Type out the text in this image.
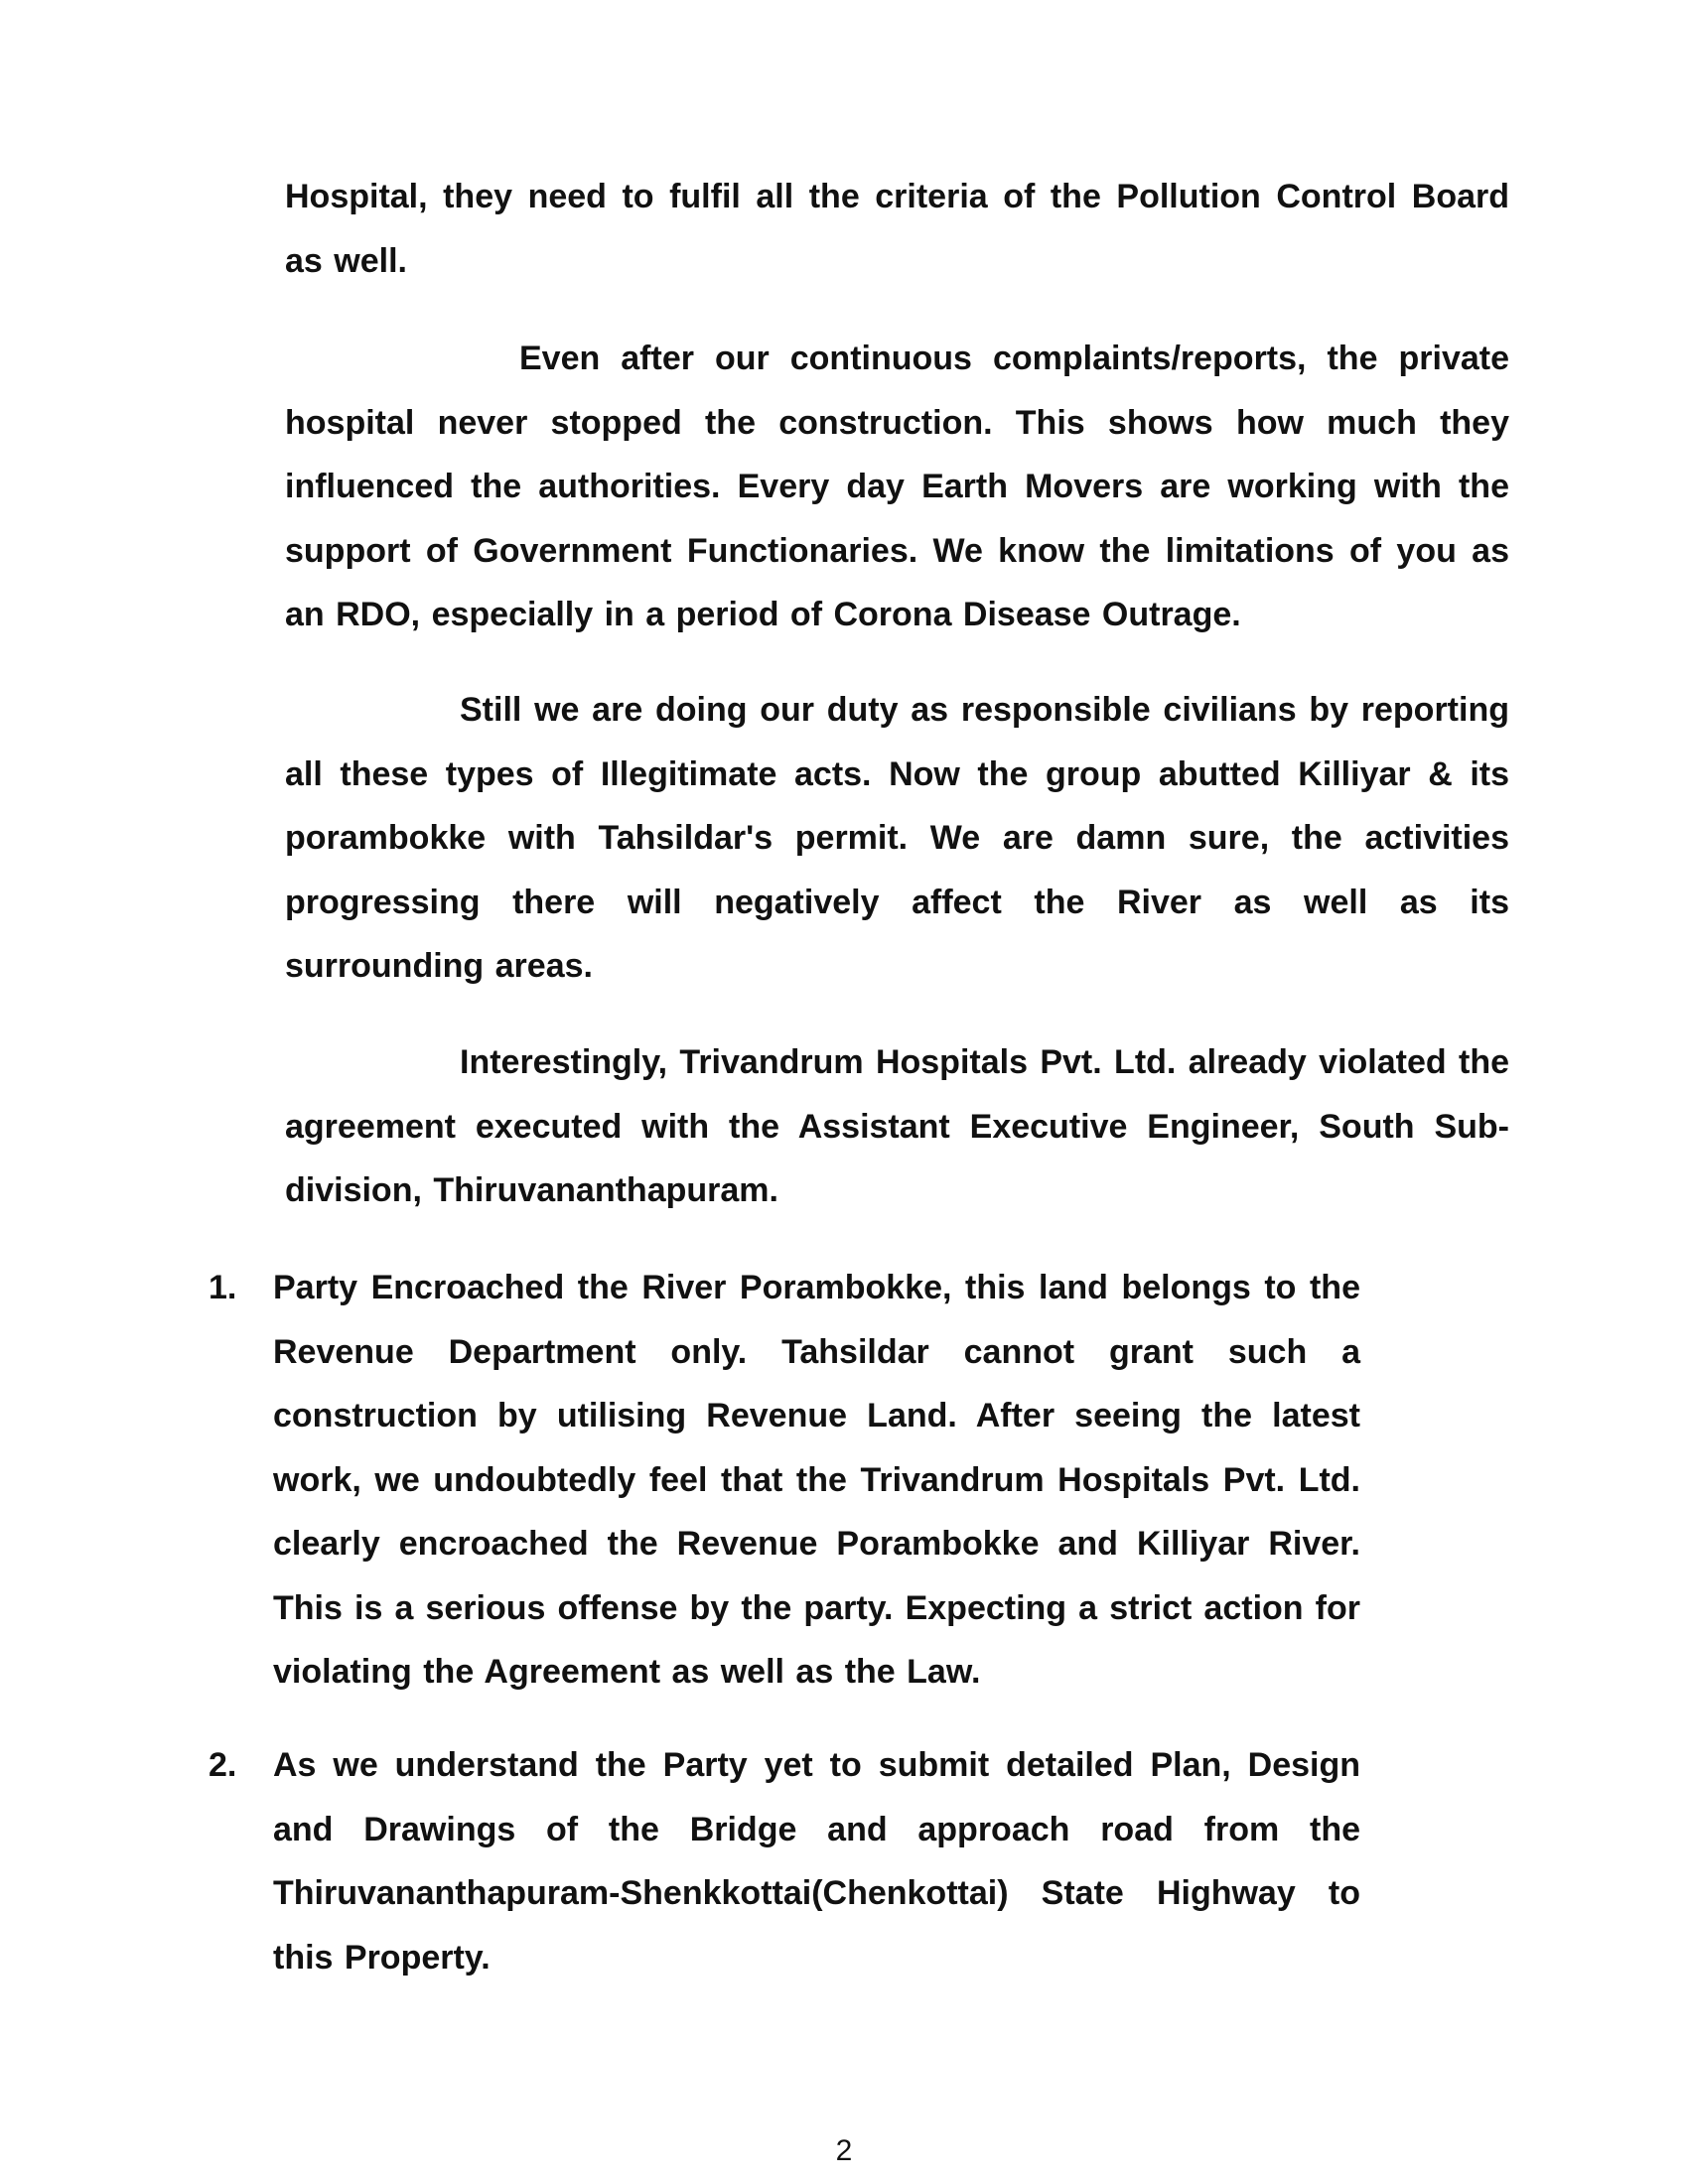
Hospital, they need to fulfil all the criteria of the Pollution Control Board as well.

Even after our continuous complaints/reports, the private hospital never stopped the construction. This shows how much they influenced the authorities. Every day Earth Movers are working with the support of Government Functionaries. We know the limitations of you as an RDO, especially in a period of Corona Disease Outrage.

Still we are doing our duty as responsible civilians by reporting all these types of Illegitimate acts. Now the group abutted Killiyar & its porambokke with Tahsildar's permit. We are damn sure, the activities progressing there will negatively affect the River as well as its surrounding areas.

Interestingly, Trivandrum Hospitals Pvt. Ltd. already violated the agreement executed with the Assistant Executive Engineer, South Sub-division, Thiruvananthapuram.

1.	Party Encroached the River Porambokke, this land belongs to the Revenue Department only. Tahsildar cannot grant such a construction by utilising Revenue Land. After seeing the latest work, we undoubtedly feel that the Trivandrum Hospitals Pvt. Ltd. clearly encroached the Revenue Porambokke and Killiyar River. This is a serious offense by the party. Expecting a strict action for violating the Agreement as well as the Law.

2.	As we understand the Party yet to submit detailed Plan, Design and Drawings of the Bridge and approach road from the Thiruvananthapuram-Shenkkottai(Chenkottai) State Highway to this Property.

2
